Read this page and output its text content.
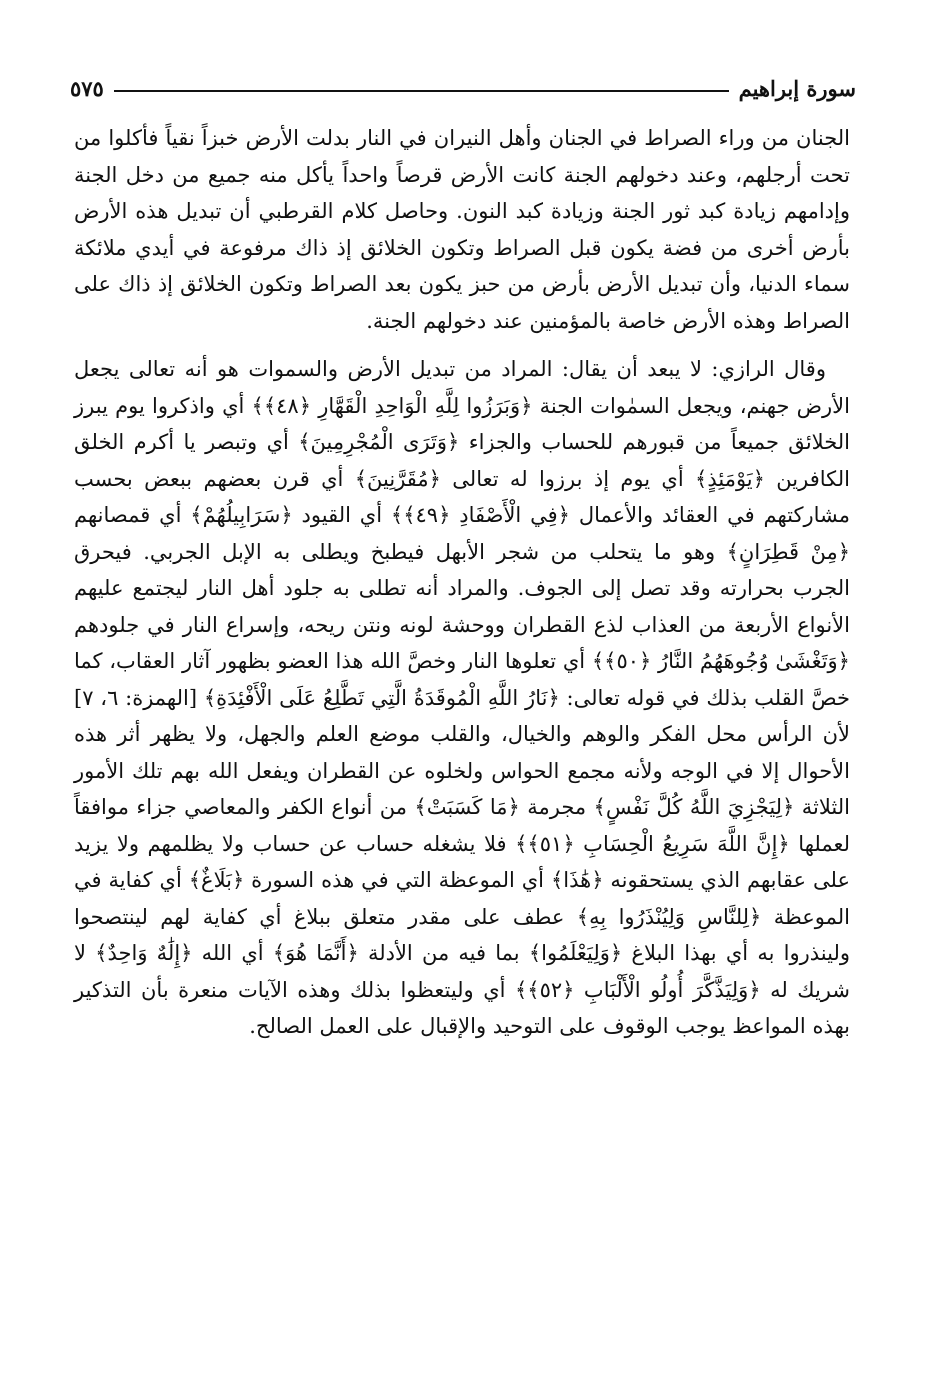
سورة إبراهيم
٥٧٥

الجنان من وراء الصراط في الجنان وأهل النيران في النار بدلت الأرض خبزاً نقياً فأكلوا من تحت أرجلهم، وعند دخولهم الجنة كانت الأرض قرصاً واحداً يأكل منه جميع من دخل الجنة وإدامهم زيادة كبد ثور الجنة وزيادة كبد النون. وحاصل كلام القرطبي أن تبديل هذه الأرض بأرض أخرى من فضة يكون قبل الصراط وتكون الخلائق إذ ذاك مرفوعة في أيدي ملائكة سماء الدنيا، وأن تبديل الأرض بأرض من حبز يكون بعد الصراط وتكون الخلائق إذ ذاك على الصراط وهذه الأرض خاصة بالمؤمنين عند دخولهم الجنة.

وقال الرازي: لا يبعد أن يقال: المراد من تبديل الأرض والسموات هو أنه تعالى يجعل الأرض جهنم، ويجعل السمٰوات الجنة ﴿وَبَرَزُوا لِلَّهِ الْوَاحِدِ الْقَهَّارِ ﴿٤٨﴾﴾ أي واذكروا يوم يبرز الخلائق جميعاً من قبورهم للحساب والجزاء ﴿وَتَرَى الْمُجْرِمِينَ﴾ أي وتبصر يا أكرم الخلق الكافرين ﴿يَوْمَئِذٍ﴾ أي يوم إذ برزوا له تعالى ﴿مُقَرَّنِينَ﴾ أي قرن بعضهم ببعض بحسب مشاركتهم في العقائد والأعمال ﴿فِي الْأَصْفَادِ ﴿٤٩﴾﴾ أي القيود ﴿سَرَابِيلُهُمْ﴾ أي قمصانهم ﴿مِنْ قَطِرَانٍ﴾ وهو ما يتحلب من شجر الأبهل فيطبخ ويطلى به الإبل الجربي. فيحرق الجرب بحرارته وقد تصل إلى الجوف. والمراد أنه تطلى به جلود أهل النار ليجتمع عليهم الأنواع الأربعة من العذاب لذع القطران ووحشة لونه ونتن ريحه، وإسراع النار في جلودهم ﴿وَتَغْشَىٰ وُجُوهَهُمُ النَّارُ ﴿٥٠﴾﴾ أي تعلوها النار وخصَّ الله هذا العضو بظهور آثار العقاب، كما خصَّ القلب بذلك في قوله تعالى: ﴿نَارُ اللَّهِ الْمُوقَدَةُ الَّتِي تَطَّلِعُ عَلَى الْأَفْئِدَةِ﴾ [الهمزة: ٦، ٧] لأن الرأس محل الفكر والوهم والخيال، والقلب موضع العلم والجهل، ولا يظهر أثر هذه الأحوال إلا في الوجه ولأنه مجمع الحواس ولخلوه عن القطران ويفعل الله بهم تلك الأمور الثلاثة ﴿لِيَجْزِيَ اللَّهُ كُلَّ نَفْسٍ﴾ مجرمة ﴿مَا كَسَبَتْ﴾ من أنواع الكفر والمعاصي جزاء موافقاً لعملها ﴿إِنَّ اللَّهَ سَرِيعُ الْحِسَابِ ﴿٥١﴾﴾ فلا يشغله حساب عن حساب ولا يظلمهم ولا يزيد على عقابهم الذي يستحقونه ﴿هَٰذَا﴾ أي الموعظة التي في هذه السورة ﴿بَلَاغٌ﴾ أي كفاية في الموعظة ﴿لِلنَّاسِ وَلِيُنْذَرُوا بِهِ﴾ عطف على مقدر متعلق ببلاغ أي كفاية لهم لينتصحوا ولينذروا به أي بهذا البلاغ ﴿وَلِيَعْلَمُوا﴾ بما فيه من الأدلة ﴿أَنَّمَا هُوَ﴾ أي الله ﴿إِلَٰهٌ وَاحِدٌ﴾ لا شريك له ﴿وَلِيَذَّكَّرَ أُولُو الْأَلْبَابِ ﴿٥٢﴾﴾ أي وليتعظوا بذلك وهذه الآيات منعرة بأن التذكير بهذه المواعظ يوجب الوقوف على التوحيد والإقبال على العمل الصالح.
